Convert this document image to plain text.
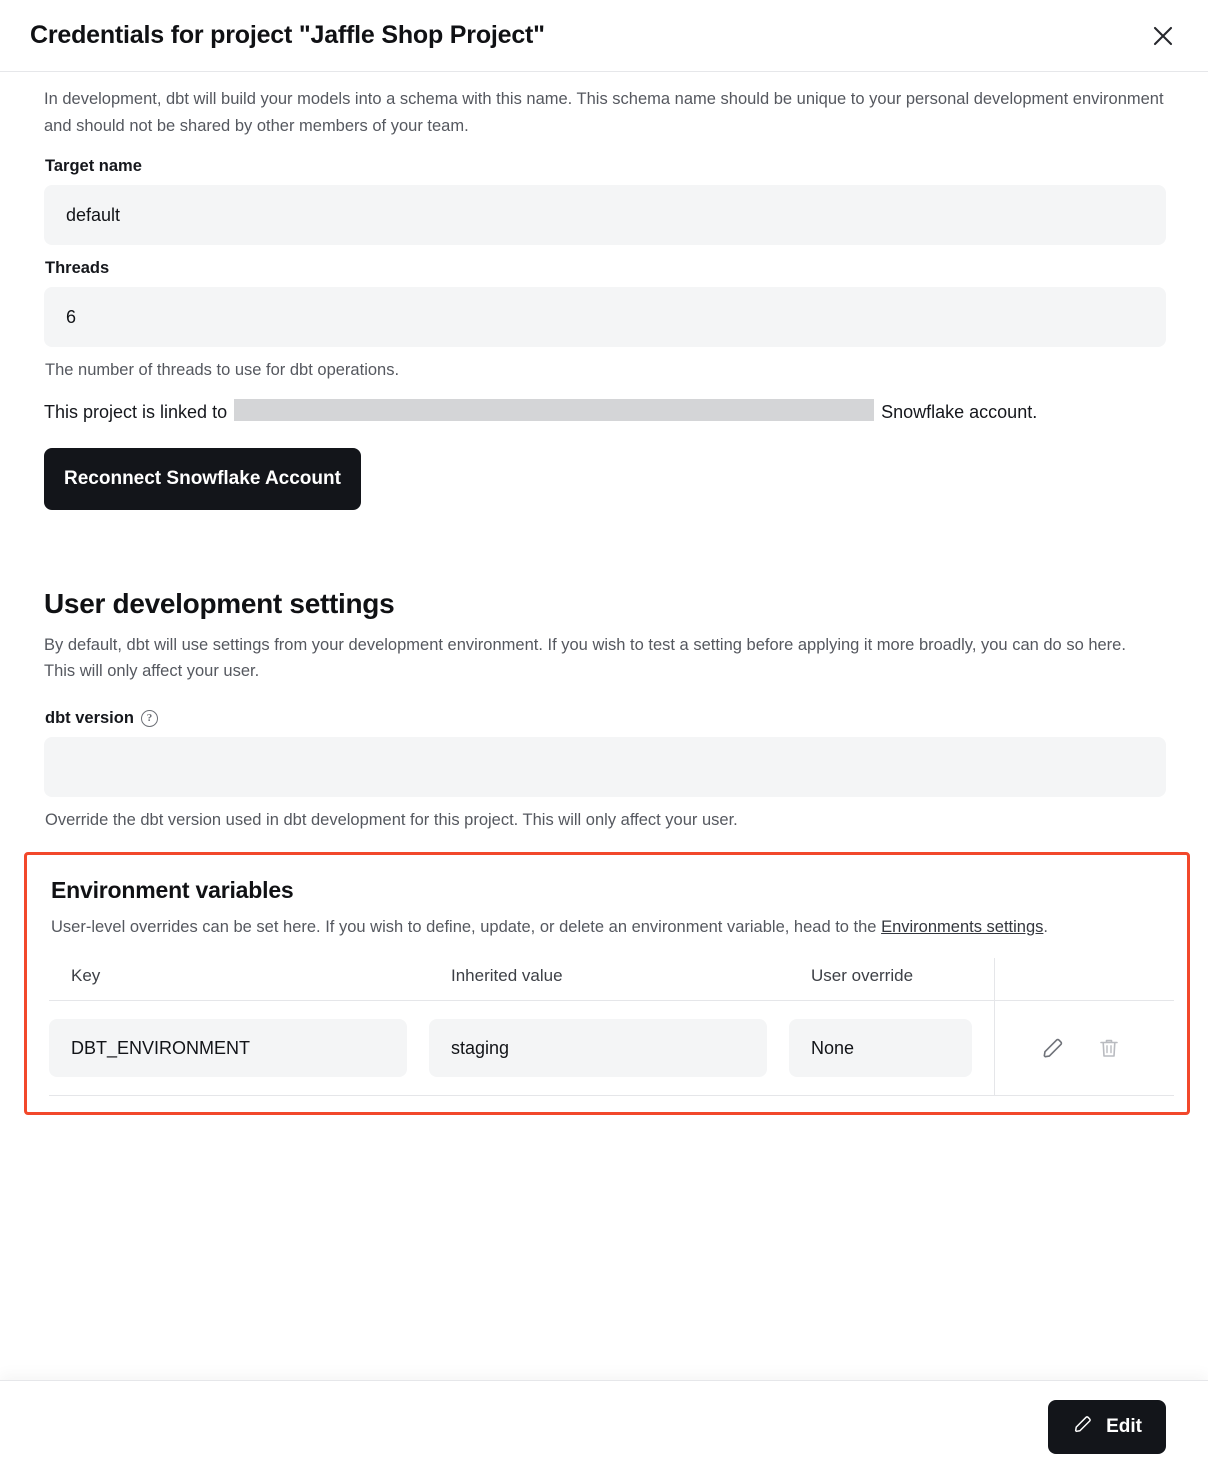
Credentials for project "Jaffle Shop Project"

In development, dbt will build your models into a schema with this name. This schema name should be unique to your personal development environment and should not be shared by other members of your team.

Target name
default
Threads
6

The number of threads to use for dbt operations.

This project is linked to	Snowflake account.

Reconnect Snowflake Account
User development settings

By default, dbt will use settings from your development environment. If you wish to test a setting before applying it more broadly, you can do so here. This will only affect your user.

dbt version	?

Override the dbt version used in dbt development for this project. This will only affect your user.

Environment variables

User-level overrides can be set here. If you wish to define, update, or delete an environment variable, head to the Environments settings.

Key	Inherited value	User override	

DBT_ENVIRONMENT	staging	None

Edit
